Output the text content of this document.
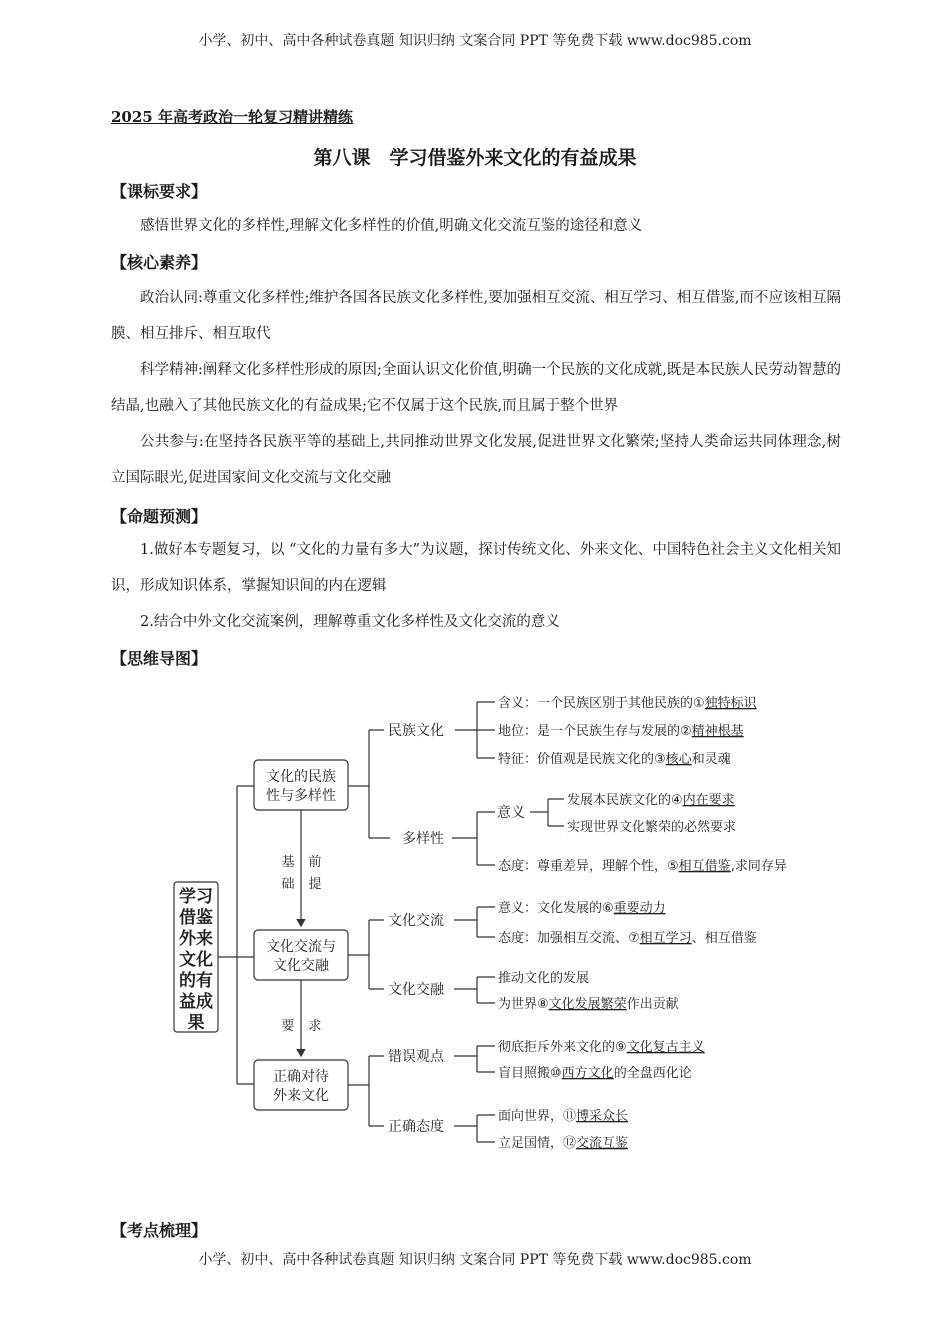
小学、初中、高中各种试卷真题 知识归纳 文案合同 PPT 等免费下载 www.doc985.com
小学、初中、高中各种试卷真题 知识归纳 文案合同 PPT 等免费下载 www.doc985.com
2025 年高考政治一轮复习精讲精练
第八课　学习借鉴外来文化的有益成果
【课标要求】

感悟世界文化的多样性,理解文化多样性的价值,明确文化交流互鉴的途径和意义

【核心素养】

政治认同:尊重文化多样性;维护各国各民族文化多样性,要加强相互交流、相互学习、相互借鉴,而不应该相互隔膜、相互排斥、相互取代

科学精神:阐释文化多样性形成的原因;全面认识文化价值,明确一个民族的文化成就,既是本民族人民劳动智慧的结晶,也融入了其他民族文化的有益成果;它不仅属于这个民族,而且属于整个世界

公共参与:在坚持各民族平等的基础上,共同推动世界文化发展,促进世界文化繁荣;坚持人类命运共同体理念,树立国际眼光,促进国家间文化交流与文化交融

【命题预测】

1.做好本专题复习，以 “文化的力量有多大”为议题，探讨传统文化、外来文化、中国特色社会主义文化相关知识，形成知识体系，掌握知识间的内在逻辑

2.结合中外文化交流案例，理解尊重文化多样性及文化交流的意义

【思维导图】
学习
借鉴
外来
文化
的有
益成
果
文化的民族
性与多样性
文化交流与
文化交融
正确对待
外来文化
基
础
前
提
要 求
民族文化
多样性
意义
文化交流
文化交融
错误观点
正确态度
含义：一个民族区别于其他民族的①独特标识
地位：是一个民族生存与发展的②精神根基
特征：价值观是民族文化的③核心和灵魂
发展本民族文化的④内在要求
实现世界文化繁荣的必然要求
态度：尊重差异，理解个性，⑤相互借鉴,求同存异
意义：文化发展的⑥重要动力
态度：加强相互交流、⑦相互学习、相互借鉴
推动文化的发展
为世界⑧文化发展繁荣作出贡献
彻底拒斥外来文化的⑨文化复古主义
盲目照搬⑩西方文化的全盘西化论
面向世界，⑪博采众长
立足国情，⑫交流互鉴
【考点梳理】
